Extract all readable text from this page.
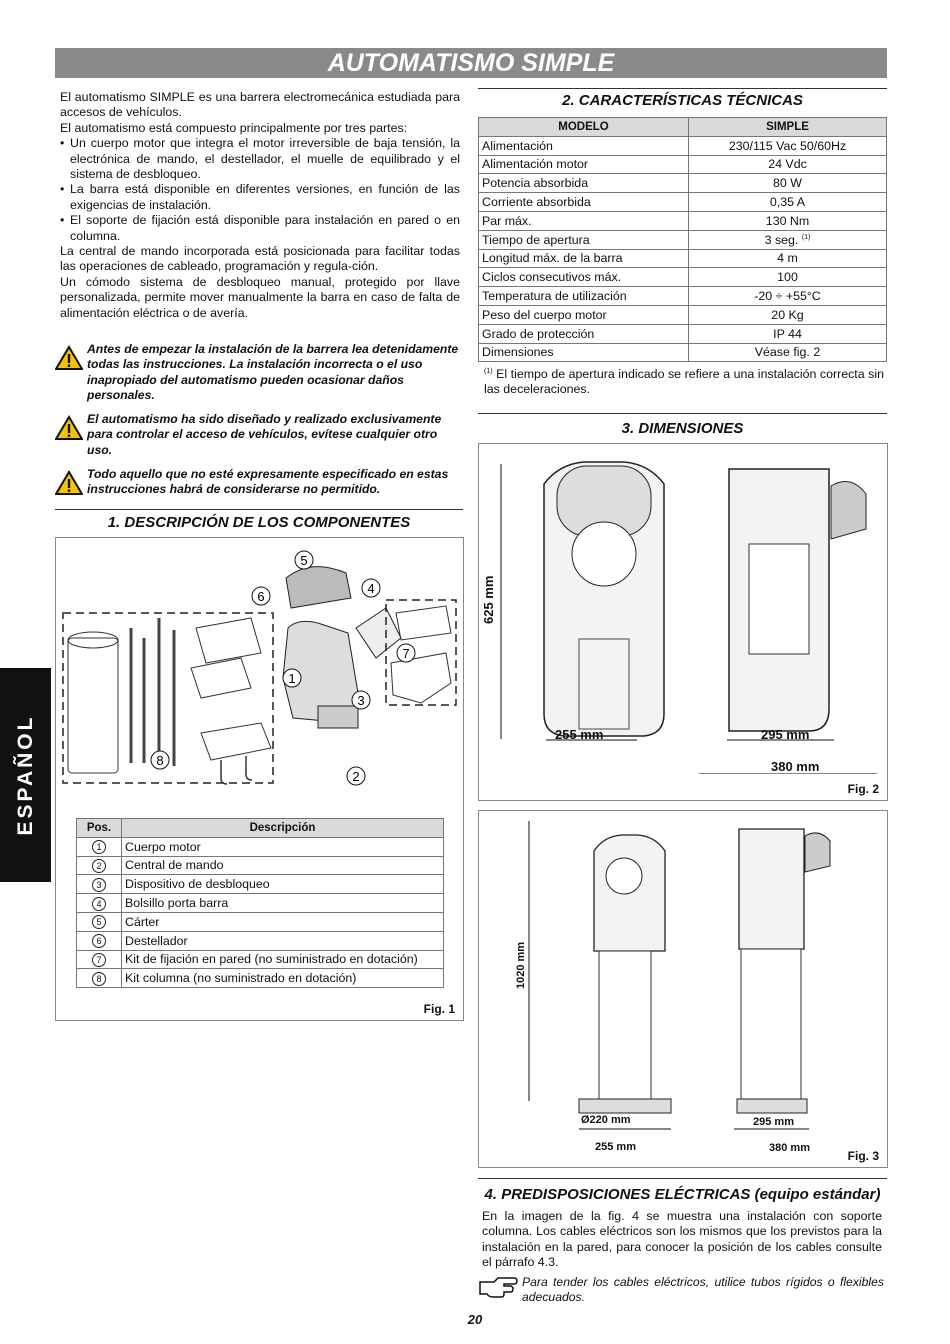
AUTOMATISMO SIMPLE
ESPAÑOL

El automatismo SIMPLE es una barrera electromecánica estudiada para accesos de vehículos.

El automatismo está compuesto principalmente por tres partes:

• Un cuerpo motor que integra el motor irreversible de baja tensión, la electrónica de mando, el destellador, el muelle de equilibrado y el sistema de desbloqueo.
• La barra está disponible en diferentes versiones, en función de las exigencias de instalación.
• El soporte de fijación está disponible para instalación en pared o en columna.

La central de mando incorporada está posicionada para facilitar todas las operaciones de cableado, programación y regula-ción.

Un cómodo sistema de desbloqueo manual, protegido por llave personalizada, permite mover manualmente la barra en caso de falta de alimentación eléctrica o de avería.

Antes de empezar la instalación de la barrera lea detenidamente todas las instrucciones. La instalación incorrecta o el uso inapropiado del automatismo pueden ocasionar daños personales.
El automatismo ha sido diseñado y realizado exclusivamente para controlar el acceso de vehículos, evítese cualquier otro uso.
Todo aquello que no esté expresamente especificado en estas instrucciones habrá de considerarse no permitido.
1. DESCRIPCIÓN DE LOS COMPONENTES
1
2
3
4
5
6
7
8
Pos.	Descripción
1	Cuerpo motor
2	Central de mando
3	Dispositivo de desbloqueo
4	Bolsillo porta barra
5	Cárter
6	Destellador
7	Kit de fijación en pared (no suministrado en dotación)
8	Kit columna (no suministrado en dotación)
Fig. 1
2. CARACTERÍSTICAS TÉCNICAS
MODELO	SIMPLE
Alimentación	230/115 Vac 50/60Hz
Alimentación motor	24 Vdc
Potencia absorbida	80 W
Corriente absorbida	0,35 A
Par máx.	130 Nm
Tiempo de apertura	3 seg. $^{(1)}$
Longitud máx. de la barra	4 m
Ciclos consecutivos máx.	100
Temperatura de utilización	-20 ÷ +55°C
Peso del cuerpo motor	20 Kg
Grado de protección	IP 44
Dimensiones	Véase fig. 2
$^{(1)}$ El tiempo de apertura indicado se refiere a una instalación correcta sin las deceleraciones.
3. DIMENSIONES
625 mm
255 mm	295 mm
380 mm
Fig. 2
1020 mm
Ø220 mm
255 mm
295 mm
380 mm
Fig. 3
4. PREDISPOSICIONES ELÉCTRICAS (equipo estándar)
En la imagen de la fig. 4 se muestra una instalación con soporte columna. Los cables eléctricos son los mismos que los previstos para la instalación en la pared, para conocer la posición de los cables consulte el párrafo 4.3.
Para tender los cables eléctricos, utilice tubos rígidos o flexibles adecuados.
20
